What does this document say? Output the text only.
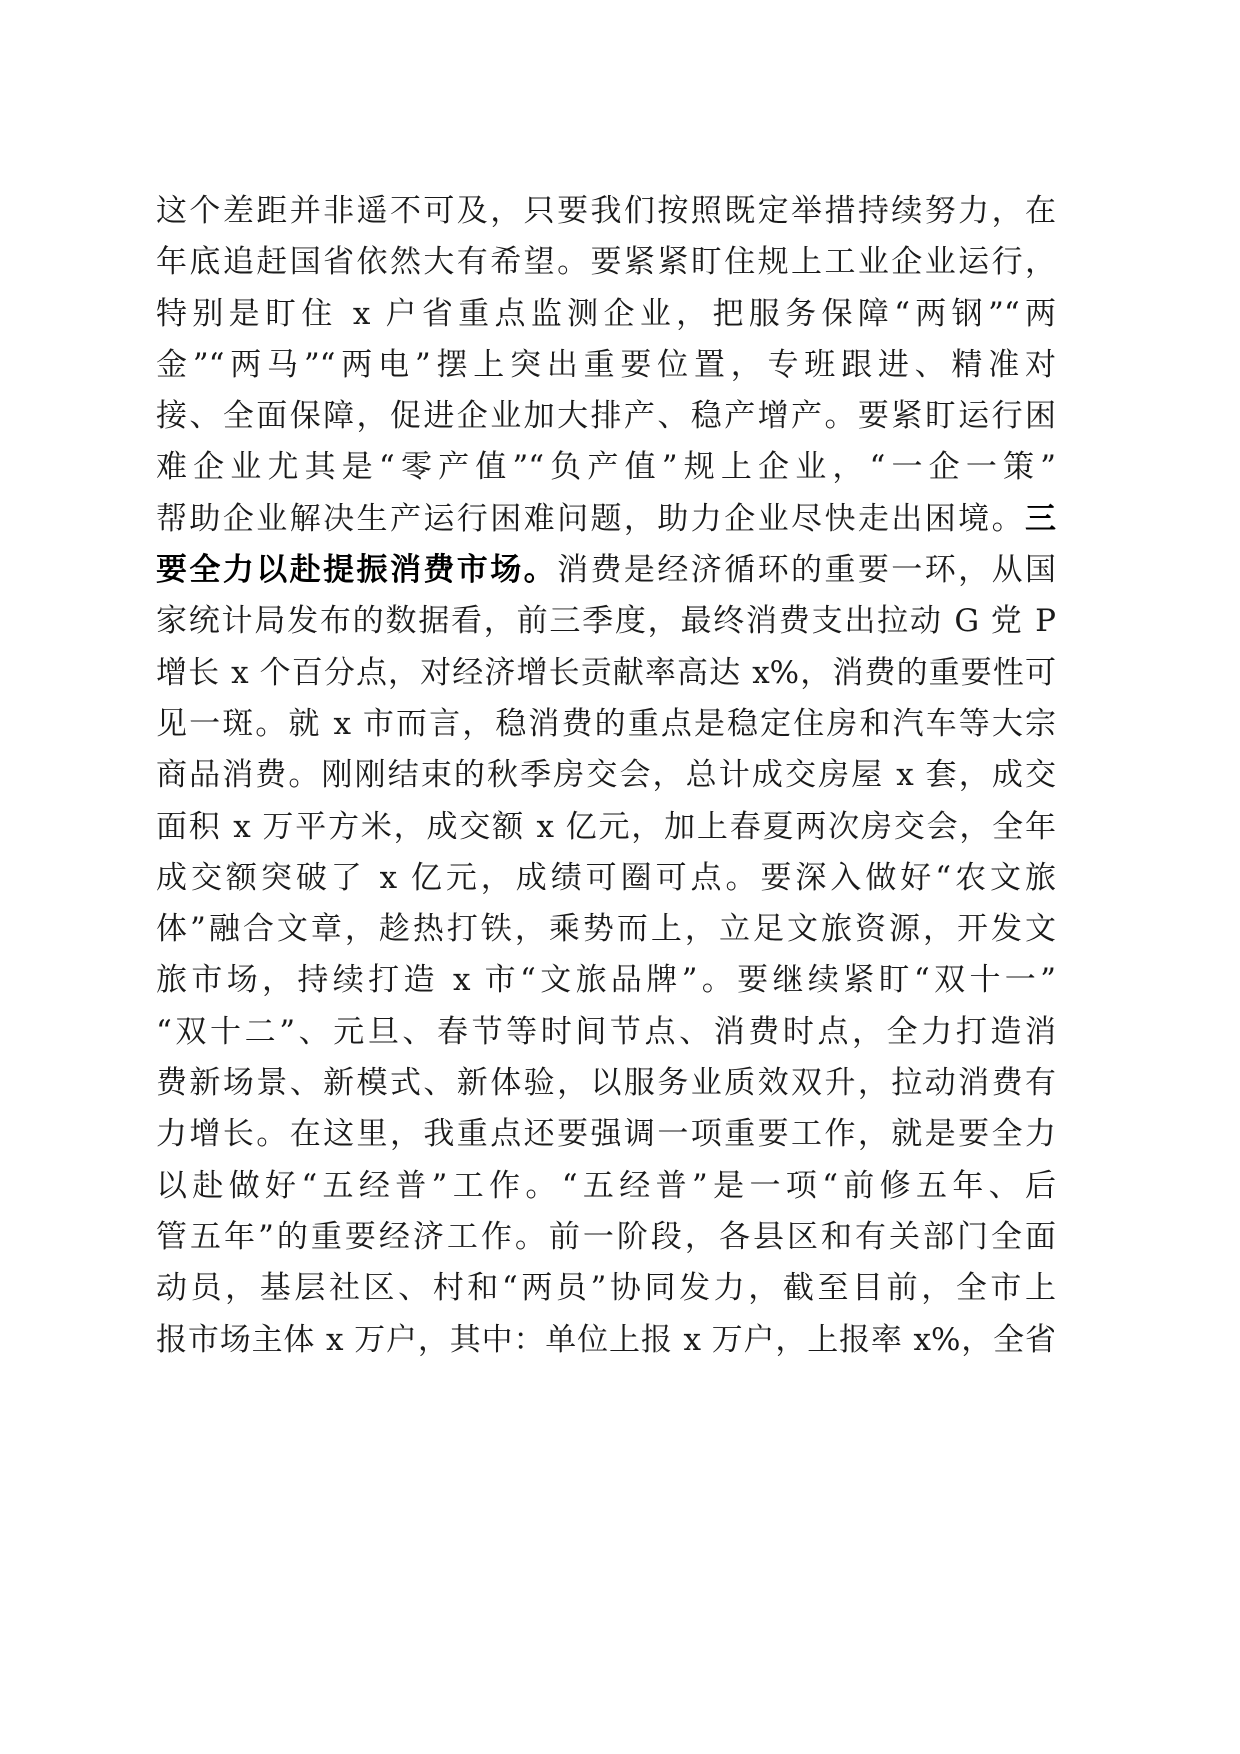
这个差距并非遥不可及，只要我们按照既定举措持续努力，在
年底追赶国省依然大有希望。要紧紧盯住规上工业企业运行，
特别是盯住 x 户省重点监测企业，把服务保障“两钢”“两
金”“两马”“两电”摆上突出重要位置，专班跟进、精准对
接、全面保障，促进企业加大排产、稳产增产。要紧盯运行困
难企业尤其是“零产值”“负产值”规上企业，“一企一策”
帮助企业解决生产运行困难问题，助力企业尽快走出困境。三
要全力以赴提振消费市场。消费是经济循环的重要一环，从国
家统计局发布的数据看，前三季度，最终消费支出拉动 G 党 P
增长 x 个百分点，对经济增长贡献率高达 x%，消费的重要性可
见一斑。就 x 市而言，稳消费的重点是稳定住房和汽车等大宗
商品消费。刚刚结束的秋季房交会，总计成交房屋 x 套，成交
面积 x 万平方米，成交额 x 亿元，加上春夏两次房交会，全年
成交额突破了 x 亿元，成绩可圈可点。要深入做好“农文旅
体”融合文章，趁热打铁，乘势而上，立足文旅资源，开发文
旅市场，持续打造 x 市“文旅品牌”。要继续紧盯“双十一”
“双十二”、元旦、春节等时间节点、消费时点，全力打造消
费新场景、新模式、新体验，以服务业质效双升，拉动消费有
力增长。在这里，我重点还要强调一项重要工作，就是要全力
以赴做好“五经普”工作。“五经普”是一项“前修五年、后
管五年”的重要经济工作。前一阶段，各县区和有关部门全面
动员，基层社区、村和“两员”协同发力，截至目前，全市上
报市场主体 x 万户，其中：单位上报 x 万户，上报率 x%，全省
